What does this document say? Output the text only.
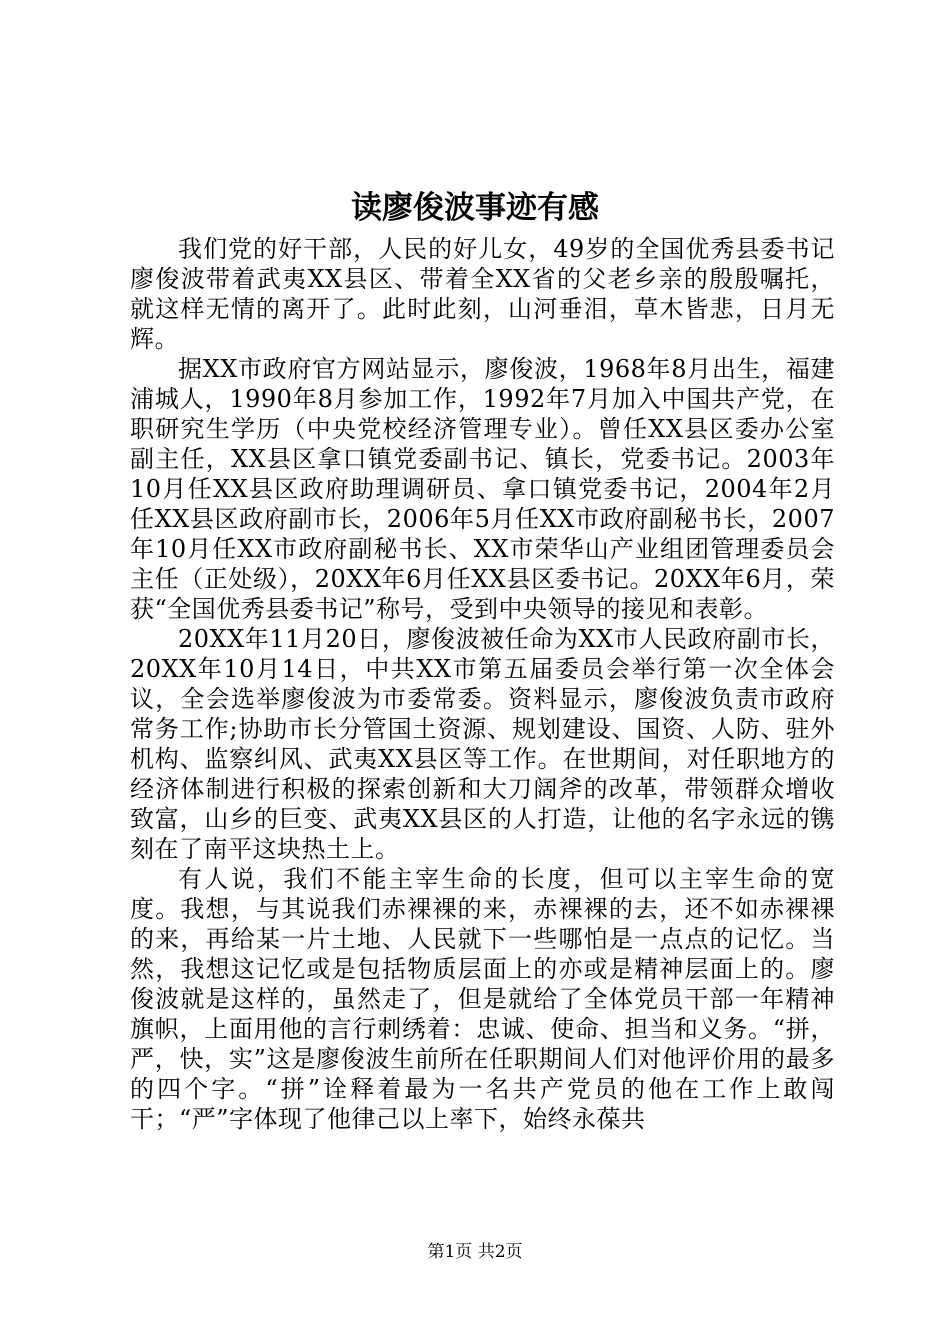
读廖俊波事迹有感

我们党的好干部，人民的好儿女，49岁的全国优秀县委书记廖俊波带着武夷XX县区、带着全XX省的父老乡亲的殷殷嘱托，就这样无情的离开了。此时此刻，山河垂泪，草木皆悲，日月无辉。

据XX市政府官方网站显示，廖俊波，1968年8月出生，福建浦城人，1990年8月参加工作，1992年7月加入中国共产党，在职研究生学历（中央党校经济管理专业）。曾任XX县区委办公室副主任，XX县区拿口镇党委副书记、镇长，党委书记。2003年10月任XX县区政府助理调研员、拿口镇党委书记，2004年2月任XX县区政府副市长，2006年5月任XX市政府副秘书长，2007年10月任XX市政府副秘书长、XX市荣华山产业组团管理委员会主任（正处级），20XX年6月任XX县区委书记。20XX年6月，荣获“全国优秀县委书记”称号，受到中央领导的接见和表彰。

20XX年11月20日，廖俊波被任命为XX市人民政府副市长，20XX年10月14日，中共XX市第五届委员会举行第一次全体会议，全会选举廖俊波为市委常委。资料显示，廖俊波负责市政府常务工作;协助市长分管国土资源、规划建设、国资、人防、驻外机构、监察纠风、武夷XX县区等工作。在世期间，对任职地方的经济体制进行积极的探索创新和大刀阔斧的改革，带领群众增收致富，山乡的巨变、武夷XX县区的人打造，让他的名字永远的镌刻在了南平这块热土上。

有人说，我们不能主宰生命的长度，但可以主宰生命的宽度。我想，与其说我们赤裸裸的来，赤裸裸的去，还不如赤裸裸的来，再给某一片土地、人民就下一些哪怕是一点点的记忆。当然，我想这记忆或是包括物质层面上的亦或是精神层面上的。廖俊波就是这样的，虽然走了，但是就给了全体党员干部一年精神旗帜，上面用他的言行刺绣着：忠诚、使命、担当和义务。“拼，严，快，实”这是廖俊波生前所在任职期间人们对他评价用的最多的四个字。“拼”诠释着最为一名共产党员的他在工作上敢闯干；“严”字体现了他律己以上率下，始终永葆共

第1页 共2页
